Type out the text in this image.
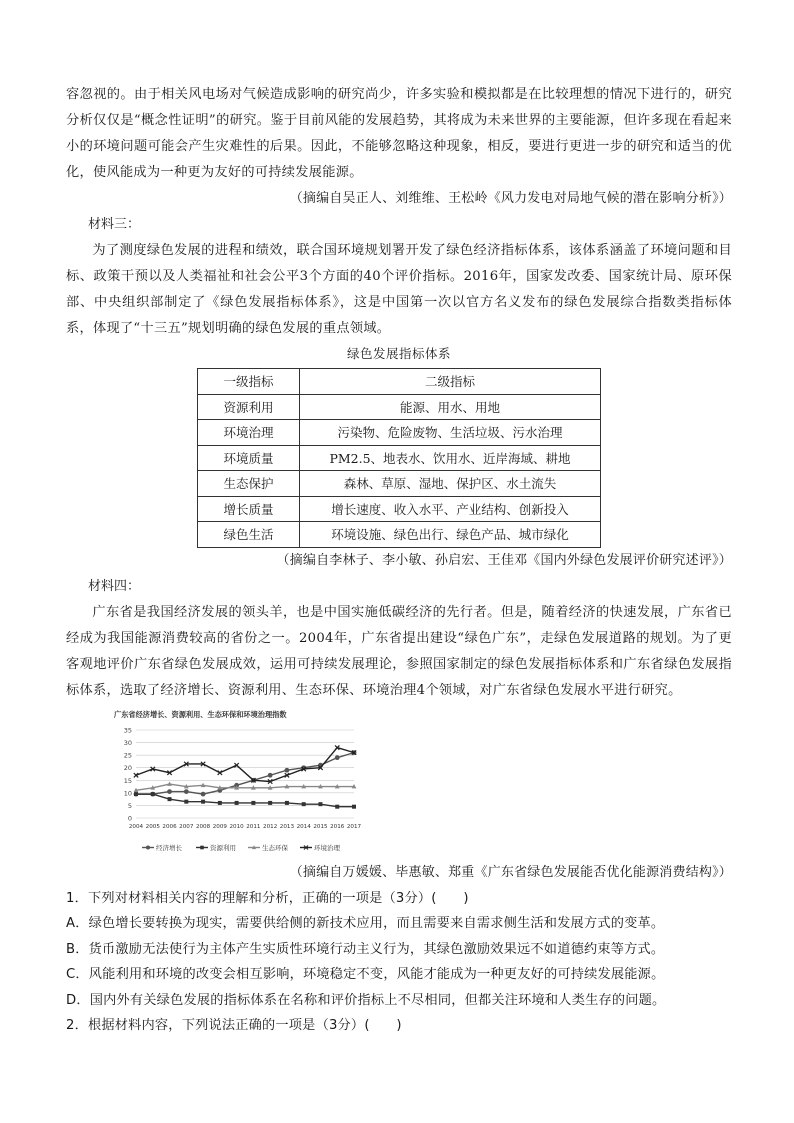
容忽视的。由于相关风电场对气候造成影响的研究尚少，许多实验和模拟都是在比较理想的情况下进行的，研究分析仅仅是“概念性证明”的研究。鉴于目前风能的发展趋势，其将成为未来世界的主要能源，但许多现在看起来小的环境问题可能会产生灾难性的后果。因此，不能够忽略这种现象，相反，要进行更进一步的研究和适当的优化，使风能成为一种更为友好的可持续发展能源。

（摘编自吴正人、刘维维、王松岭《风力发电对局地气候的潜在影响分析》）

材料三：

为了测度绿色发展的进程和绩效，联合国环境规划署开发了绿色经济指标体系，该体系涵盖了环境问题和目标、政策干预以及人类福祉和社会公平3个方面的40个评价指标。2016年，国家发改委、国家统计局、原环保部、中央组织部制定了《绿色发展指标体系》，这是中国第一次以官方名义发布的绿色发展综合指数类指标体系，体现了“十三五”规划明确的绿色发展的重点领域。

绿色发展指标体系

一级指标	二级指标
资源利用	能源、用水、用地
环境治理	污染物、危险废物、生活垃圾、污水治理
环境质量	PM2.5、地表水、饮用水、近岸海域、耕地
生态保护	森林、草原、湿地、保护区、水土流失
增长质量	增长速度、收入水平、产业结构、创新投入
绿色生活	环境设施、绿色出行、绿色产品、城市绿化

（摘编自李林子、李小敏、孙启宏、王佳邓《国内外绿色发展评价研究述评》）

材料四：

广东省是我国经济发展的领头羊，也是中国实施低碳经济的先行者。但是，随着经济的快速发展，广东省已经成为我国能源消费较高的省份之一。2004年，广东省提出建设“绿色广东”，走绿色发展道路的规划。为了更客观地评价广东省绿色发展成效，运用可持续发展理论，参照国家制定的绿色发展指标体系和广东省绿色发展指标体系，选取了经济增长、资源利用、生态环保、环境治理4个领域，对广东省绿色发展水平进行研究。

广东省经济增长、资源利用、生态环保和环境治理指数
0
5
10
15
20
25
30
35
2004 2005 2006 2007 2008 2009 2010 2011 2012 2013 2014 2015 2016 2017
经济增长	资源利用	生态环保	环境治理

（摘编自万媛媛、毕惠敏、郑重《广东省绿色发展能否优化能源消费结构》）

1．下列对材料相关内容的理解和分析，正确的一项是（3分）(　　)

A．绿色增长要转换为现实，需要供给侧的新技术应用，而且需要来自需求侧生活和发展方式的变革。

B．货币激励无法使行为主体产生实质性环境行动主义行为，其绿色激励效果远不如道德约束等方式。

C．风能利用和环境的改变会相互影响，环境稳定不变，风能才能成为一种更友好的可持续发展能源。

D．国内外有关绿色发展的指标体系在名称和评价指标上不尽相同，但都关注环境和人类生存的问题。

2．根据材料内容，下列说法正确的一项是（3分）(　　)
